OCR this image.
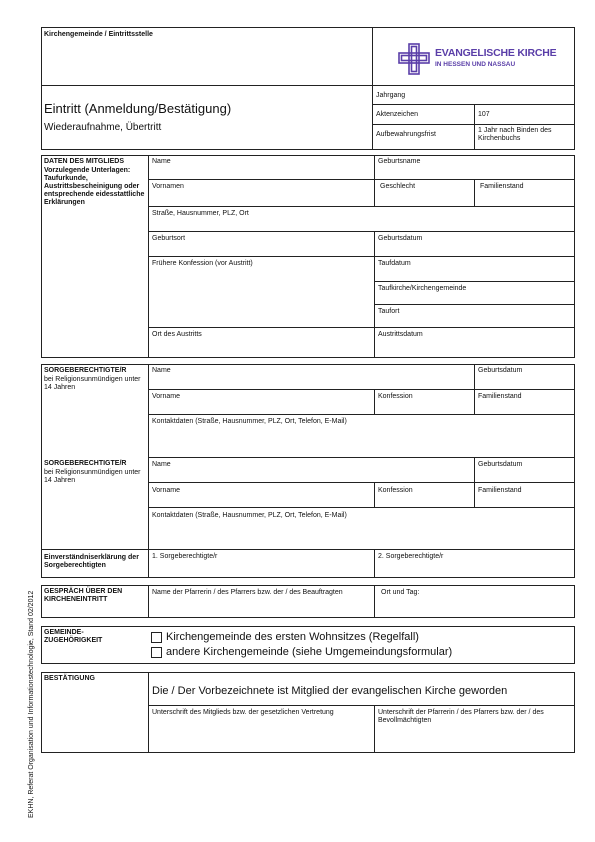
Kirchengemeinde / Eintrittsstelle
EVANGELISCHE KIRCHE
IN HESSEN UND NASSAU
Eintritt (Anmeldung/Bestätigung)
Wiederaufnahme, Übertritt
Jahrgang
Aktenzeichen	107
Aufbewahrungsfrist
1 Jahr nach Binden des Kirchenbuchs
DATEN DES MITGLIEDS
Vorzulegende Unterlagen: Taufurkunde, Austrittsbescheinigung oder entsprechende eidesstattliche Erklärungen
Name	Geburtsname
Vornamen	Geschlecht	Familienstand
Straße, Hausnummer, PLZ, Ort
Geburtsort	Geburtsdatum
Frühere Konfession (vor Austritt)	Taufdatum
Taufkirche/Kirchengemeinde
Taufort
Ort des Austritts	Austrittsdatum
SORGEBERECHTIGTE/R
bei Religionsunmündigen unter 14 Jahren
Name	Geburtsdatum
Vorname	Konfession	Familienstand
Kontaktdaten (Straße, Hausnummer, PLZ, Ort, Telefon, E-Mail)
SORGEBERECHTIGTE/R
bei Religionsunmündigen unter 14 Jahren
Name	Geburtsdatum
Vorname	Konfession	Familienstand
Kontaktdaten (Straße, Hausnummer, PLZ, Ort, Telefon, E-Mail)
Einverständniserklärung der Sorgeberechtigten
1. Sorgeberechtigte/r	2. Sorgeberechtigte/r
GESPRÄCH ÜBER DEN KIRCHENEINTRITT
Name der Pfarrerin / des Pfarrers bzw. der / des Beauftragten	Ort und Tag:
GEMEINDE-ZUGEHÖRIGKEIT	Kirchengemeinde des ersten Wohnsitzes (Regelfall)
andere Kirchengemeinde (siehe Umgemeindungsformular)
BESTÄTIGUNG
Die / Der Vorbezeichnete ist Mitglied der evangelischen Kirche geworden
Unterschrift des Mitglieds bzw. der gesetzlichen Vertretung	Unterschrift der Pfarrerin / des Pfarrers bzw. der / des Bevollmächtigten
EKHN, Referat Organisation und Informationstechnologie, Stand 02/2012
